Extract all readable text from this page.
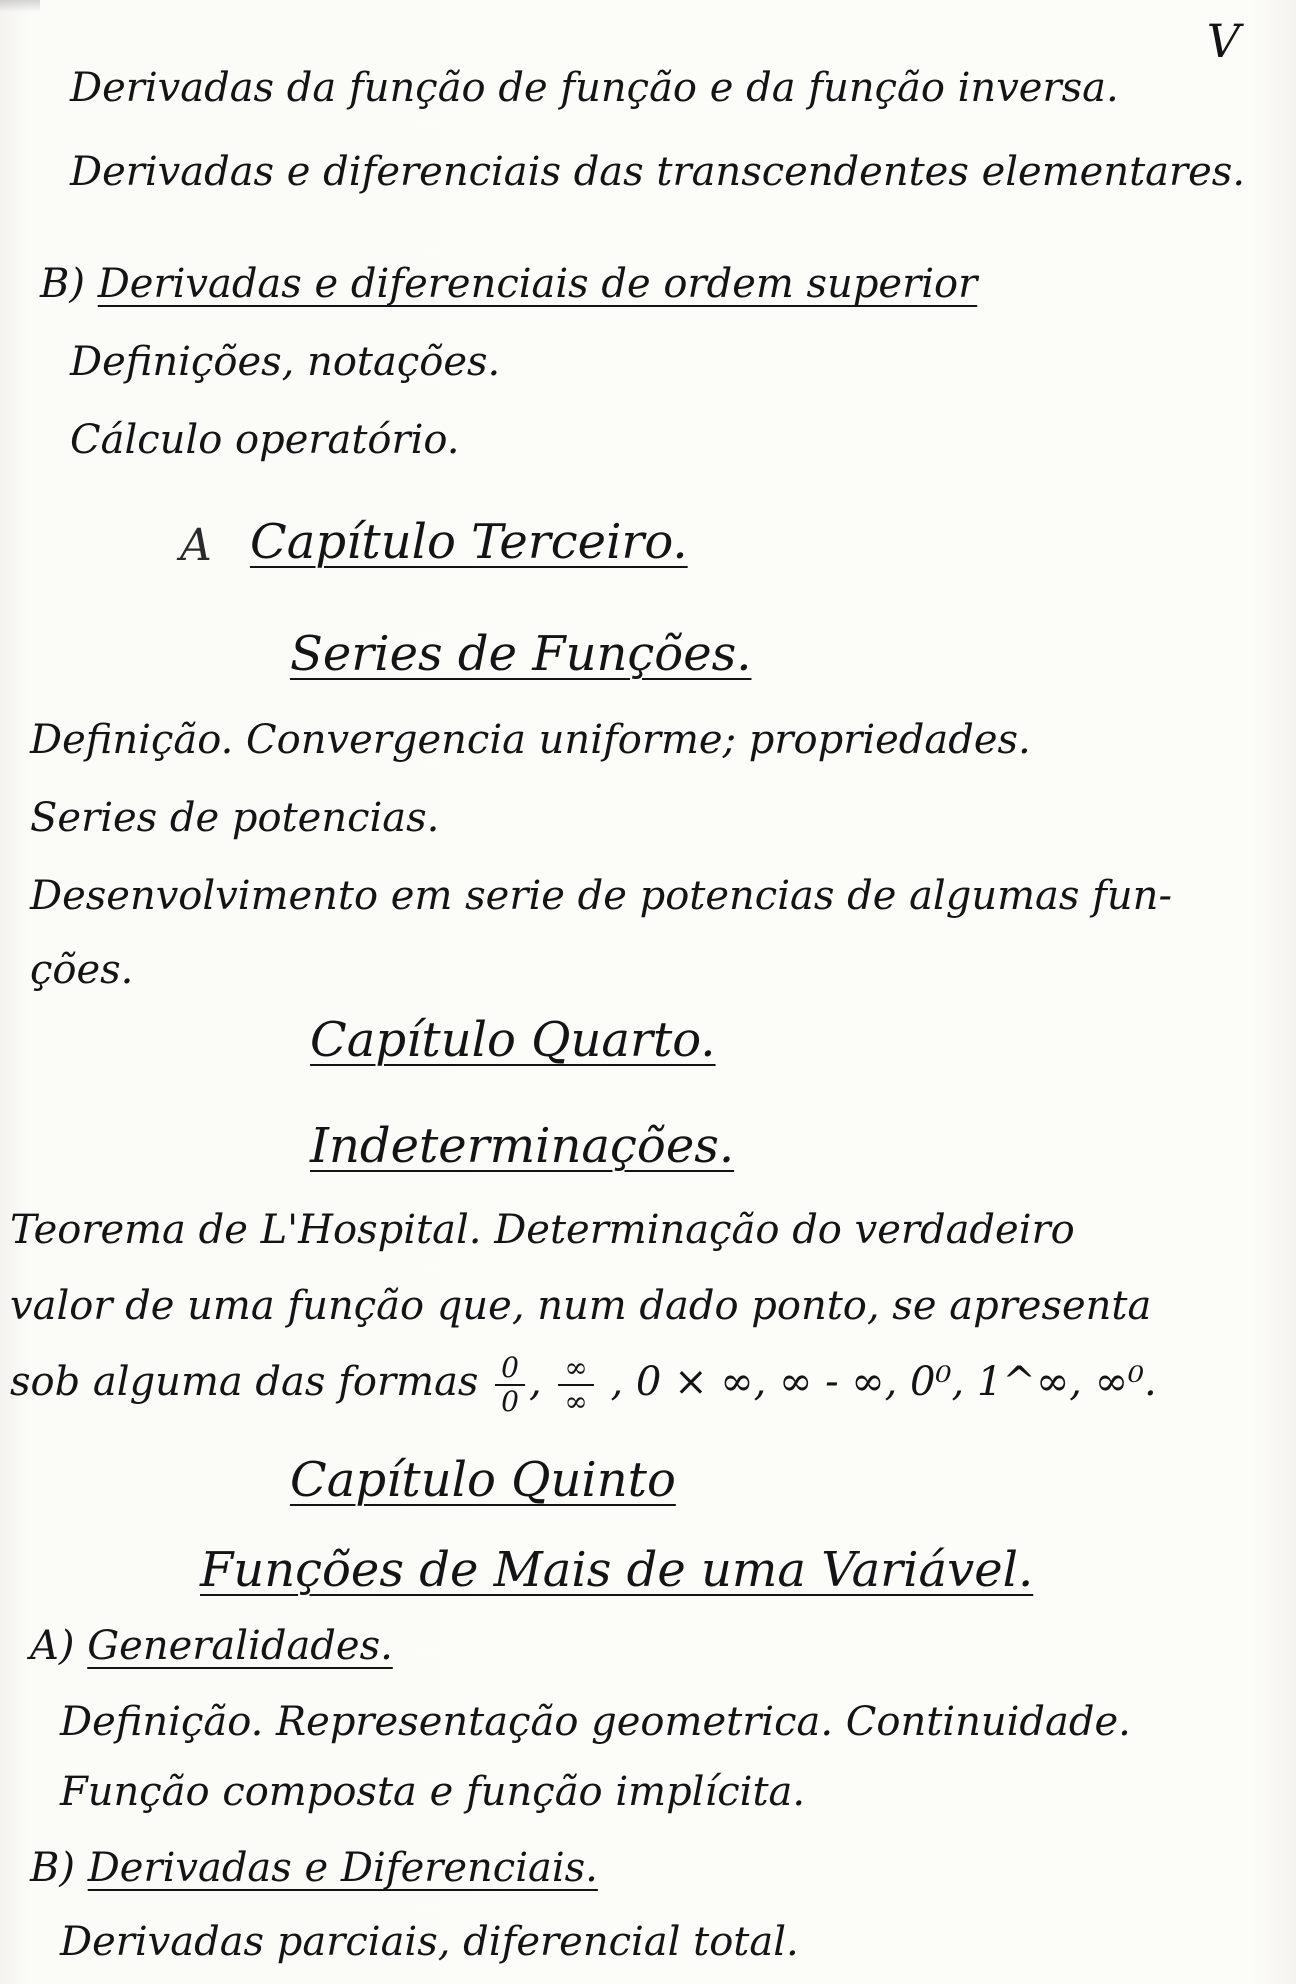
V
Derivadas da função de função e da função inversa.
Derivadas e diferenciais das transcendentes elementares.
B) Derivadas e diferenciais de ordem superior
Definições, notações.
Cálculo operatório.
A Capítulo Terceiro.
Series de Funções.
Definição. Convergencia uniforme; propriedades.
Series de potencias.
Desenvolvimento em serie de potencias de algumas fun-
ções.
Capítulo Quarto.
Indeterminações.
Teorema de L'Hospital. Determinação do verdadeiro
valor de uma função que, num dado ponto, se apresenta
sob alguma das formas $\frac{0}{0}$ , $\frac{\infty}{\infty}$ , 0 × ∞, ∞ - ∞, 0⁰, 1^∞, ∞⁰.
Capítulo Quinto
Funções de Mais de uma Variável.
A) Generalidades.
Definição. Representação geometrica. Continuidade.
Função composta e função implícita.
B) Derivadas e Diferenciais.
Derivadas parciais, diferencial total.
